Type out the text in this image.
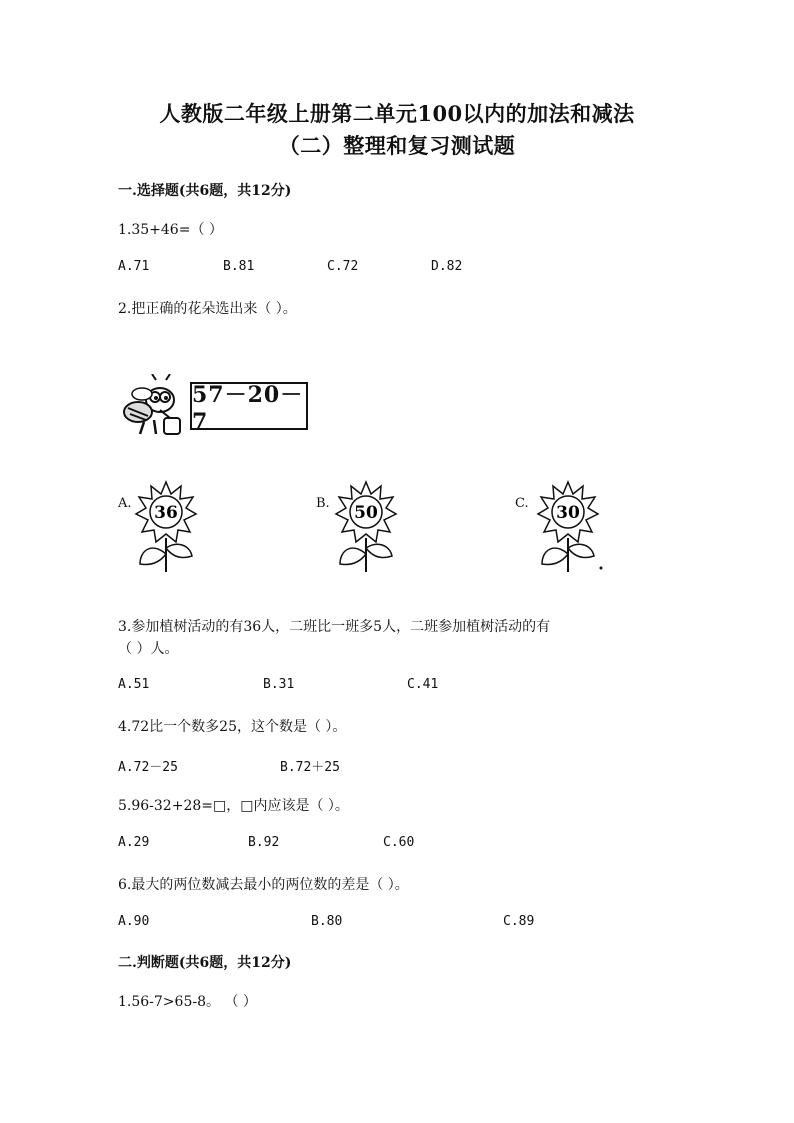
人教版二年级上册第二单元100以内的加法和减法
（二）整理和复习测试题
一.选择题(共6题，共12分)
1.35+46=（ ）
A.71	B.81	C.72	D.82
2.把正确的花朵选出来（ ）。
57－20－7
A. 36	B. 50	C. 30
3.参加植树活动的有36人，二班比一班多5人，二班参加植树活动的有
（ ）人。
A.51	B.31	C.41
4.72比一个数多25，这个数是（ ）。
A.72－25	B.72＋25
5.96-32+28=□，□内应该是（ ）。
A.29	B.92	C.60
6.最大的两位数减去最小的两位数的差是（ ）。
A.90	B.80	C.89
二.判断题(共6题，共12分)
1.56-7>65-8。 （ ）
